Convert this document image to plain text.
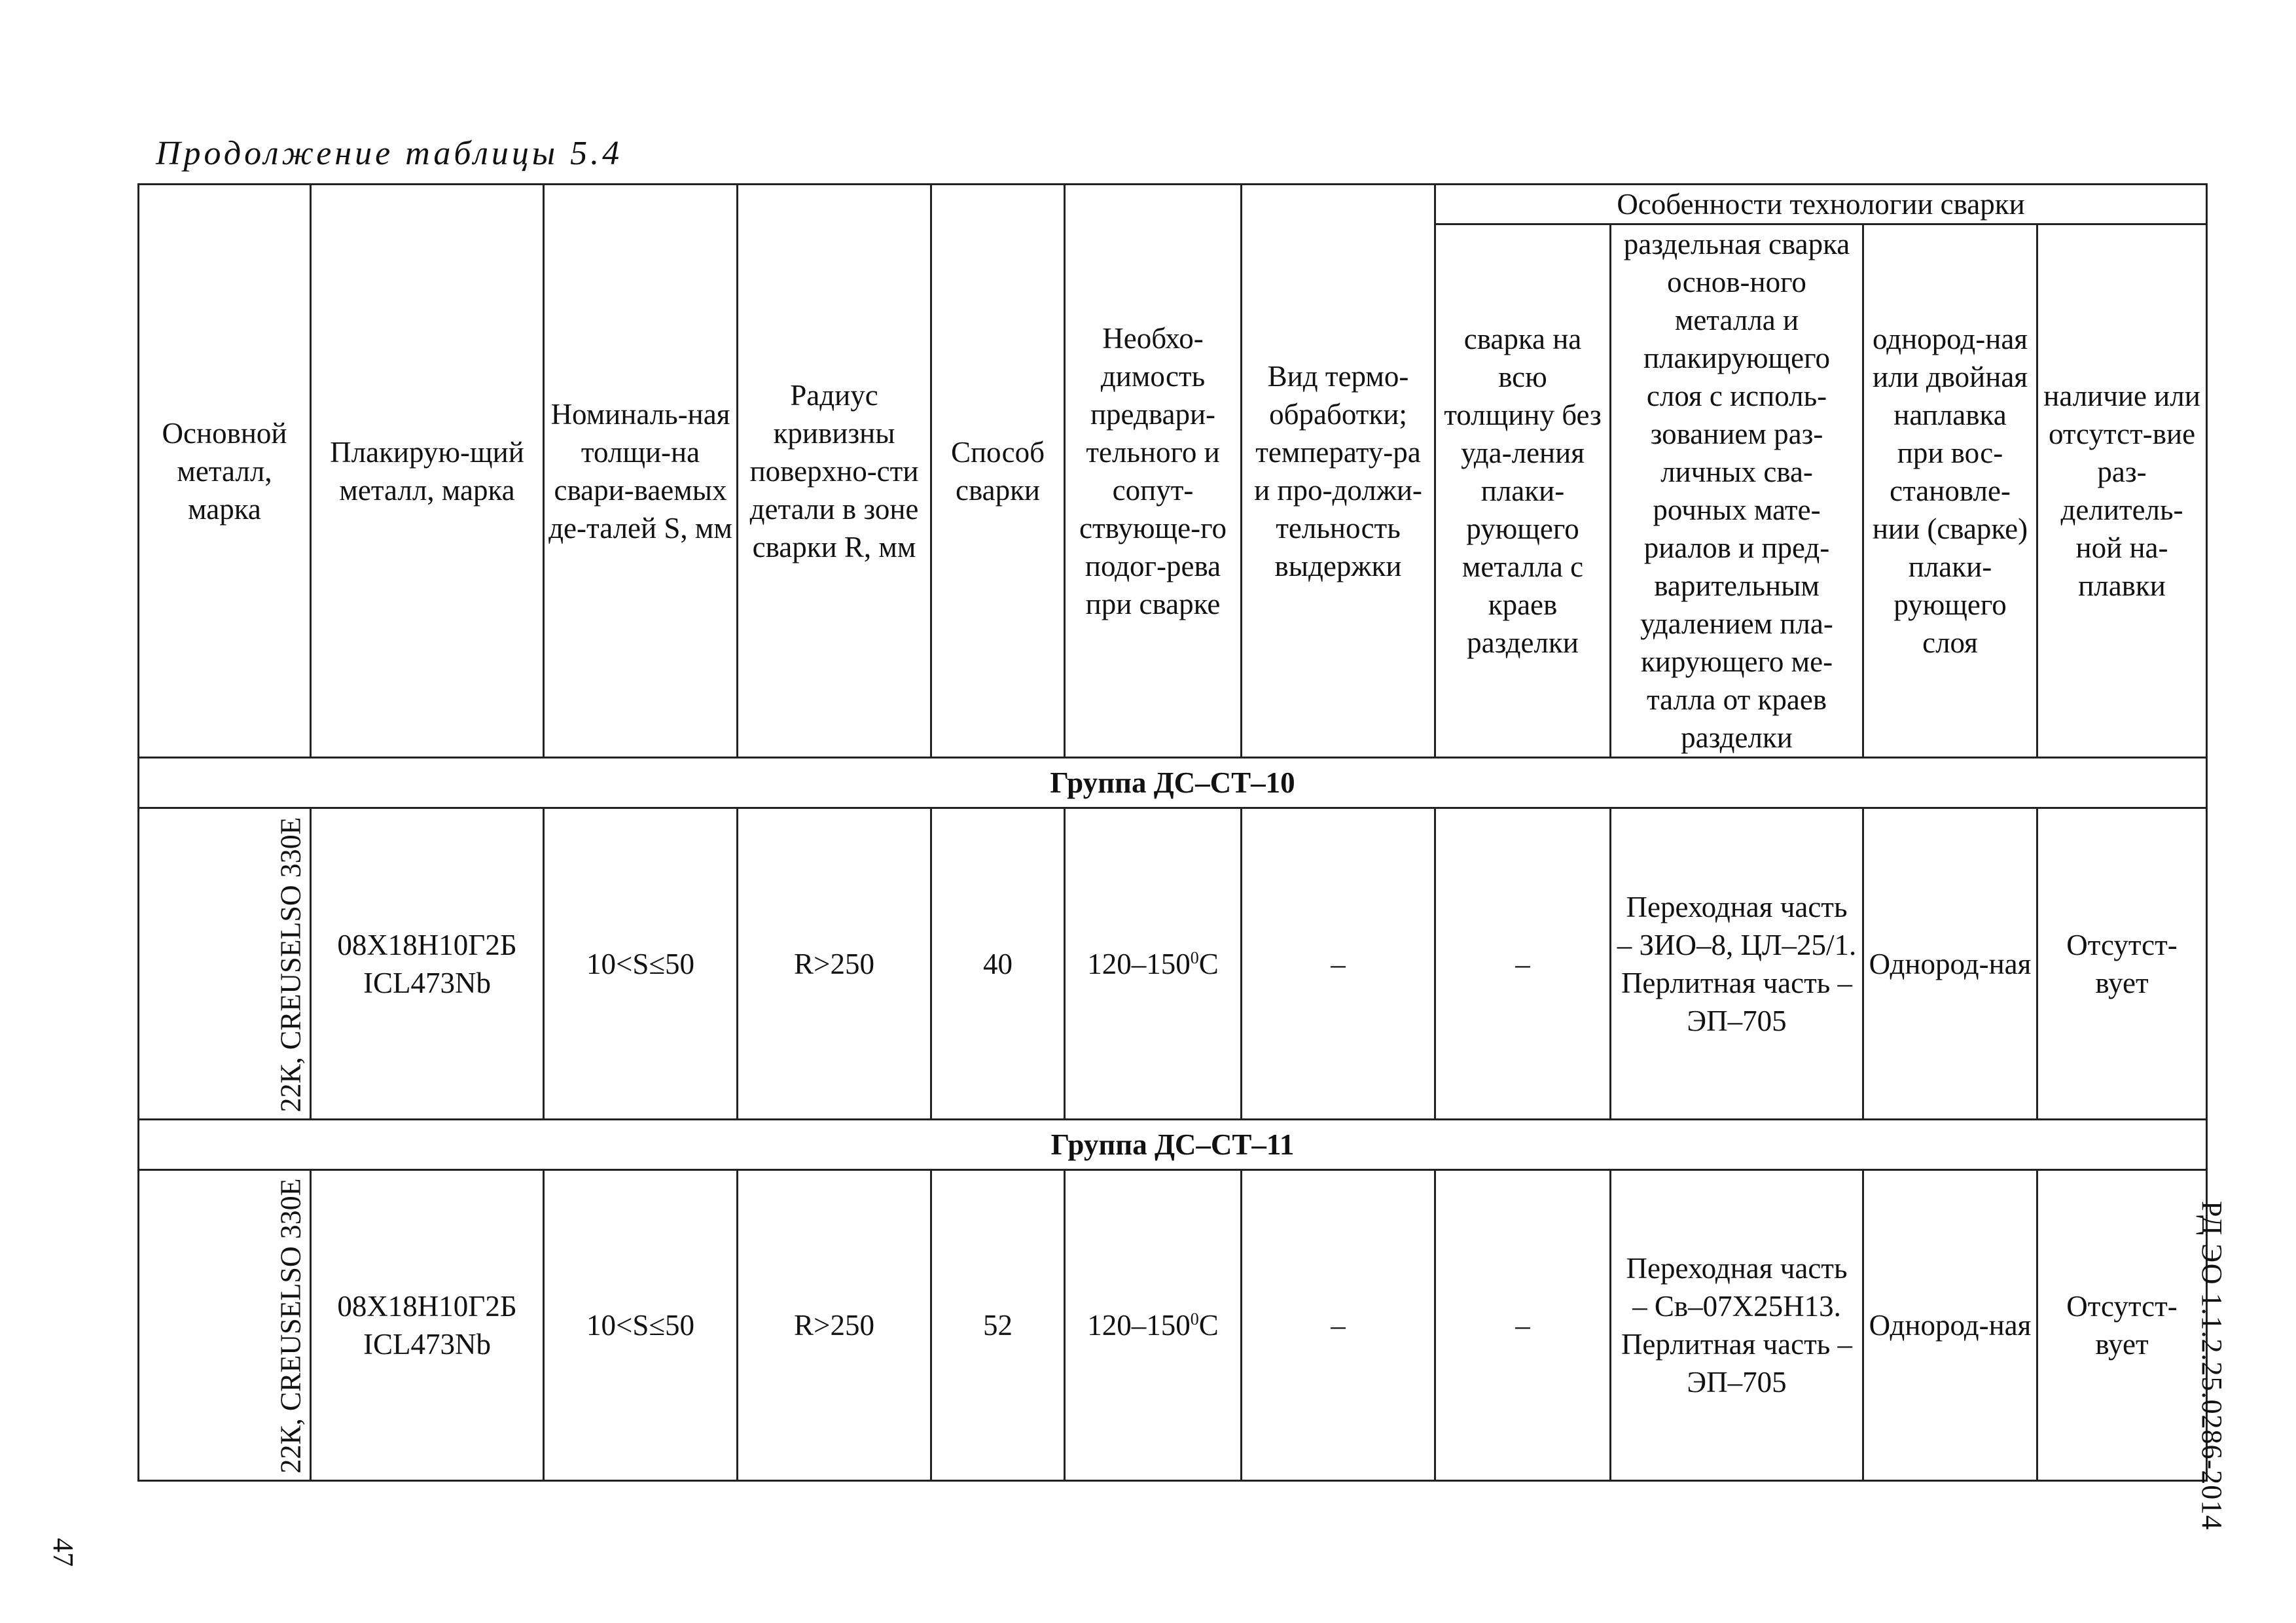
Продолжение таблицы 5.4
Основной металл, марка	Плакирую-щий металл, марка	Номиналь-ная толщи-на свари-ваемых де-талей S, мм	Радиус кривизны поверхно-сти детали в зоне сварки R, мм	Способ сварки	Необхо-димость предвари-тельного и сопут-ствующе-го подог-рева при сварке	Вид термо-обработки; температу-ра и про-должи-тельность выдержки	Особенности технологии сварки			
							сварка на всю толщину без уда-ления плаки-рующего металла с краев разделки	раздельная сварка основ-ного металла и плакирующего слоя с исполь-зованием раз-личных сва-рочных мате-риалов и пред-варительным удалением пла-кирующего ме-талла от краев разделки	однород-ная или двойная наплавка при вос-становле-нии (сварке) плаки-рующего слоя	наличие или отсутст-вие раз-делитель-ной на-плавки
Группа ДС–СТ–10										
22К, CREUSELSO 330E	08Х18Н10Г2Б ICL473Nb	10<S≤50	R>250	40	$120-150^0С$	–	–	Переходная часть – ЗИО–8, ЦЛ–25/1. Перлитная часть – ЭП–705	Однород-ная	Отсутст-вует
Группа ДС–СТ–11										
22К, CREUSELSO 330E	08Х18Н10Г2Б ICL473Nb	10<S≤50	R>250	52	$120-150^0С$	–	–	Переходная часть – Св–07Х25Н13. Перлитная часть – ЭП–705	Однород-ная	Отсутст-вует РД ЭО 1.1.2.25.0286-2014
47
